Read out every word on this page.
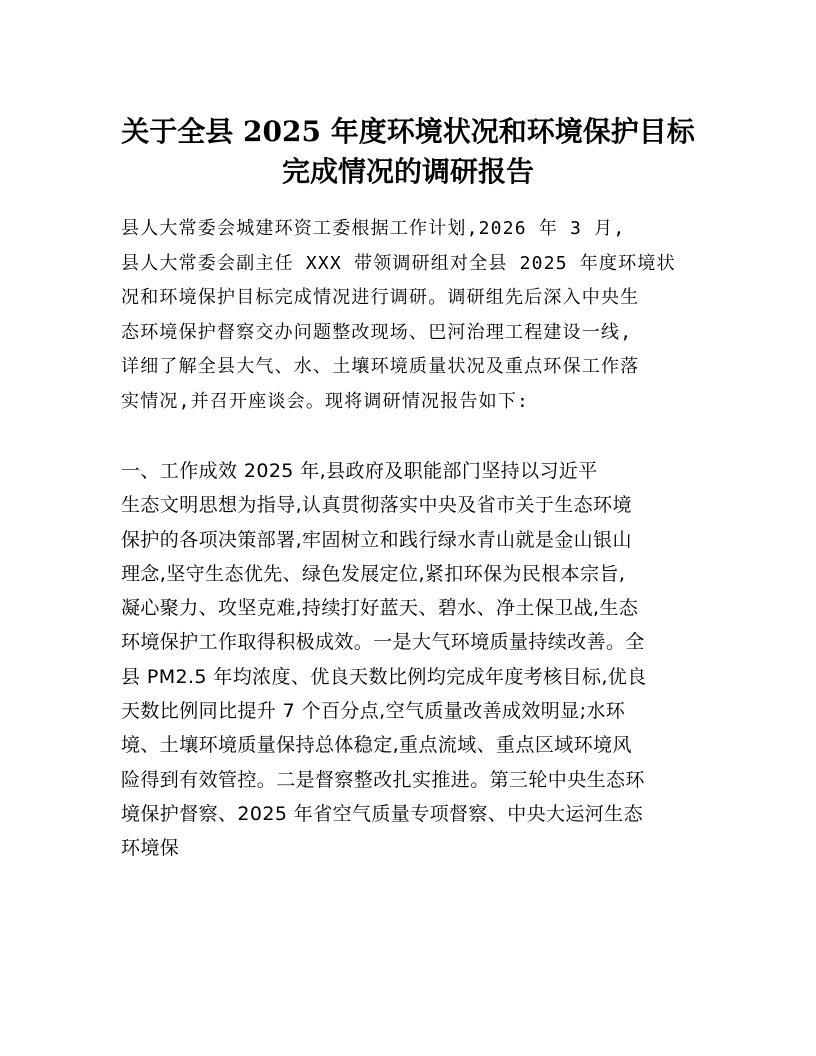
关于全县 2025 年度环境状况和环境保护目标
完成情况的调研报告
县人大常委会城建环资工委根据工作计划,2026 年 3 月,
县人大常委会副主任 XXX 带领调研组对全县 2025 年度环境状
况和环境保护目标完成情况进行调研。调研组先后深入中央生
态环境保护督察交办问题整改现场、巴河治理工程建设一线,
详细了解全县大气、水、土壤环境质量状况及重点环保工作落
实情况,并召开座谈会。现将调研情况报告如下:
一、工作成效 2025 年,县政府及职能部门坚持以习近平
生态文明思想为指导,认真贯彻落实中央及省市关于生态环境
保护的各项决策部署,牢固树立和践行绿水青山就是金山银山
理念,坚守生态优先、绿色发展定位,紧扣环保为民根本宗旨,
凝心聚力、攻坚克难,持续打好蓝天、碧水、净土保卫战,生态
环境保护工作取得积极成效。一是大气环境质量持续改善。全
县 PM2.5 年均浓度、优良天数比例均完成年度考核目标,优良
天数比例同比提升 7 个百分点,空气质量改善成效明显;水环
境、土壤环境质量保持总体稳定,重点流域、重点区域环境风
险得到有效管控。二是督察整改扎实推进。第三轮中央生态环
境保护督察、2025 年省空气质量专项督察、中央大运河生态
环境保
